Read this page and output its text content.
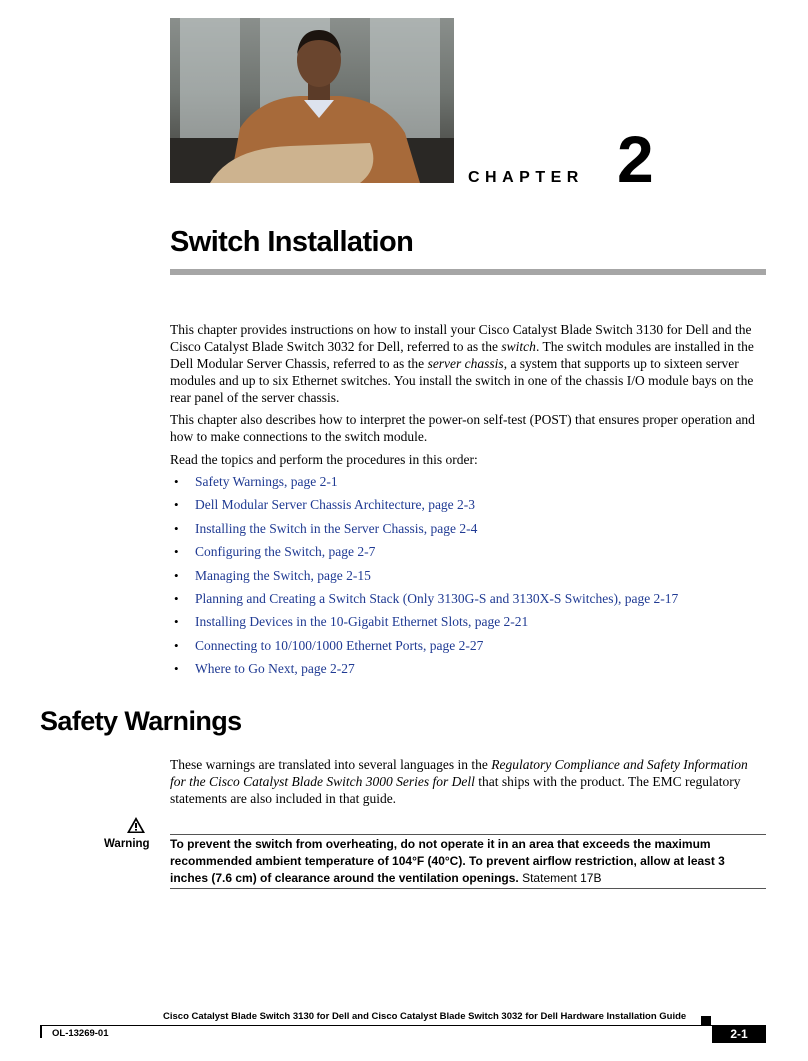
CHAPTER 2
Switch Installation

This chapter provides instructions on how to install your Cisco Catalyst Blade Switch 3130 for Dell and the Cisco Catalyst Blade Switch 3032 for Dell, referred to as the switch. The switch modules are installed in the Dell Modular Server Chassis, referred to as the server chassis, a system that supports up to sixteen server modules and up to six Ethernet switches. You install the switch in one of the chassis I/O module bays on the rear panel of the server chassis.

This chapter also describes how to interpret the power-on self-test (POST) that ensures proper operation and how to make connections to the switch module.

Read the topics and perform the procedures in this order:

• Safety Warnings, page 2-1
• Dell Modular Server Chassis Architecture, page 2-3
• Installing the Switch in the Server Chassis, page 2-4
• Configuring the Switch, page 2-7
• Managing the Switch, page 2-15
• Planning and Creating a Switch Stack (Only 3130G-S and 3130X-S Switches), page 2-17
• Installing Devices in the 10-Gigabit Ethernet Slots, page 2-21
• Connecting to 10/100/1000 Ethernet Ports, page 2-27
• Where to Go Next, page 2-27
Safety Warnings

These warnings are translated into several languages in the Regulatory Compliance and Safety Information for the Cisco Catalyst Blade Switch 3000 Series for Dell that ships with the product. The EMC regulatory statements are also included in that guide.

Warning To prevent the switch from overheating, do not operate it in an area that exceeds the maximum recommended ambient temperature of 104°F (40°C). To prevent airflow restriction, allow at least 3 inches (7.6 cm) of clearance around the ventilation openings. Statement 17B

Cisco Catalyst Blade Switch 3130 for Dell and Cisco Catalyst Blade Switch 3032 for Dell Hardware Installation Guide
OL-13269-01	2-1
